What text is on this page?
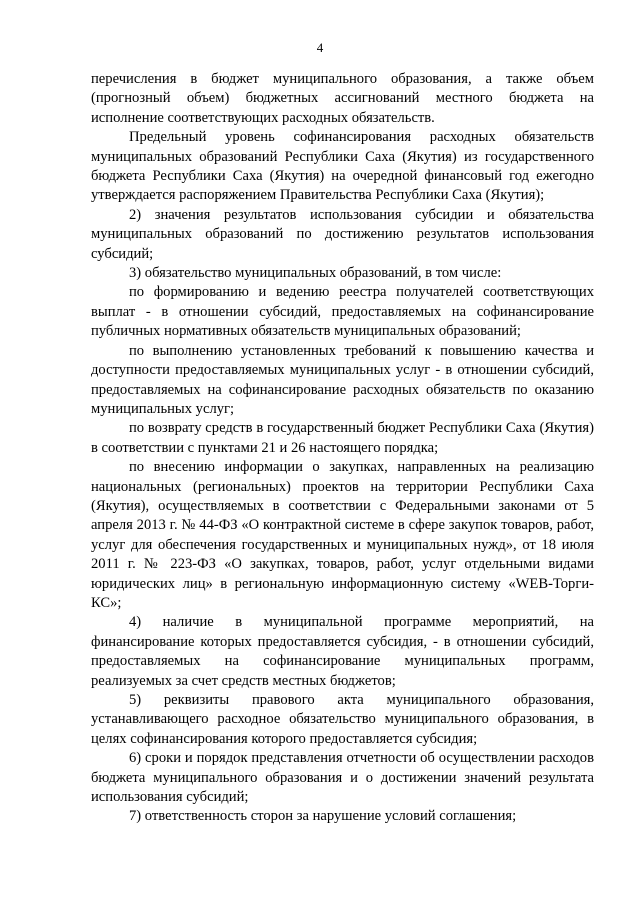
4

перечисления в бюджет муниципального образования, а также объем (прогнозный объем) бюджетных ассигнований местного бюджета на исполнение соответствующих расходных обязательств.

Предельный уровень софинансирования расходных обязательств муниципальных образований Республики Саха (Якутия) из государственного бюджета Республики Саха (Якутия) на очередной финансовый год ежегодно утверждается распоряжением Правительства Республики Саха (Якутия);

2) значения результатов использования субсидии и обязательства муниципальных образований по достижению результатов использования субсидий;

3) обязательство муниципальных образований, в том числе:

по формированию и ведению реестра получателей соответствующих выплат - в отношении субсидий, предоставляемых на софинансирование публичных нормативных обязательств муниципальных образований;

по выполнению установленных требований к повышению качества и доступности предоставляемых муниципальных услуг - в отношении субсидий, предоставляемых на софинансирование расходных обязательств по оказанию муниципальных услуг;

по возврату средств в государственный бюджет Республики Саха (Якутия) в соответствии с пунктами 21 и 26 настоящего порядка;

по внесению информации о закупках, направленных на реализацию национальных (региональных) проектов на территории Республики Саха (Якутия), осуществляемых в соответствии с Федеральными законами от 5 апреля 2013 г. № 44-ФЗ «О контрактной системе в сфере закупок товаров, работ, услуг для обеспечения государственных и муниципальных нужд», от 18 июля 2011 г. № 223-ФЗ «О закупках, товаров, работ, услуг отдельными видами юридических лиц» в региональную информационную систему «WEB-Торги-КС»;

4) наличие в муниципальной программе мероприятий, на финансирование которых предоставляется субсидия, - в отношении субсидий, предоставляемых на софинансирование муниципальных программ, реализуемых за счет средств местных бюджетов;

5) реквизиты правового акта муниципального образования, устанавливающего расходное обязательство муниципального образования, в целях софинансирования которого предоставляется субсидия;

6) сроки и порядок представления отчетности об осуществлении расходов бюджета муниципального образования и о достижении значений результата использования субсидий;

7) ответственность сторон за нарушение условий соглашения;
